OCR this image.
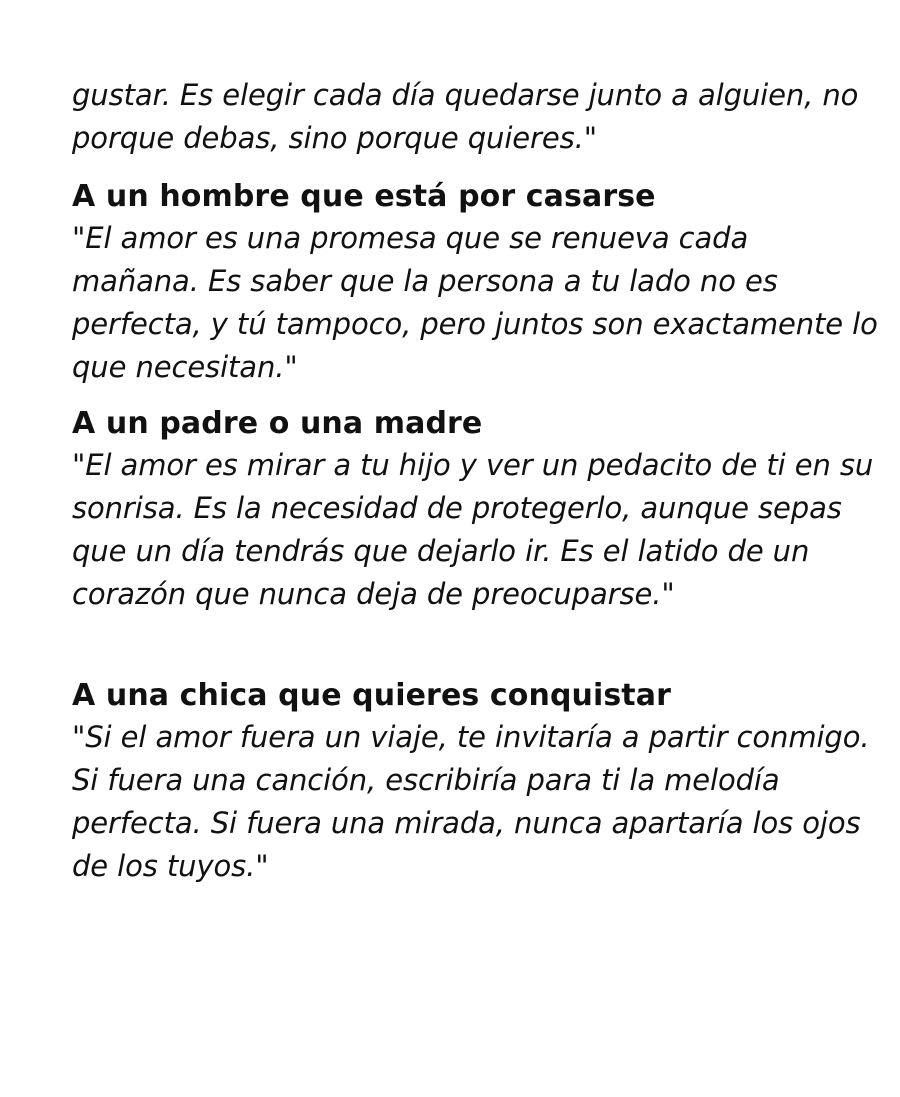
gustar. Es elegir cada día quedarse junto a alguien, no
porque debas, sino porque quieres."

A un hombre que está por casarse

"El amor es una promesa que se renueva cada
mañana. Es saber que la persona a tu lado no es
perfecta, y tú tampoco, pero juntos son exactamente lo
que necesitan."

A un padre o una madre

"El amor es mirar a tu hijo y ver un pedacito de ti en su
sonrisa. Es la necesidad de protegerlo, aunque sepas
que un día tendrás que dejarlo ir. Es el latido de un
corazón que nunca deja de preocuparse."

A una chica que quieres conquistar

"Si el amor fuera un viaje, te invitaría a partir conmigo.
Si fuera una canción, escribiría para ti la melodía
perfecta. Si fuera una mirada, nunca apartaría los ojos
de los tuyos."
